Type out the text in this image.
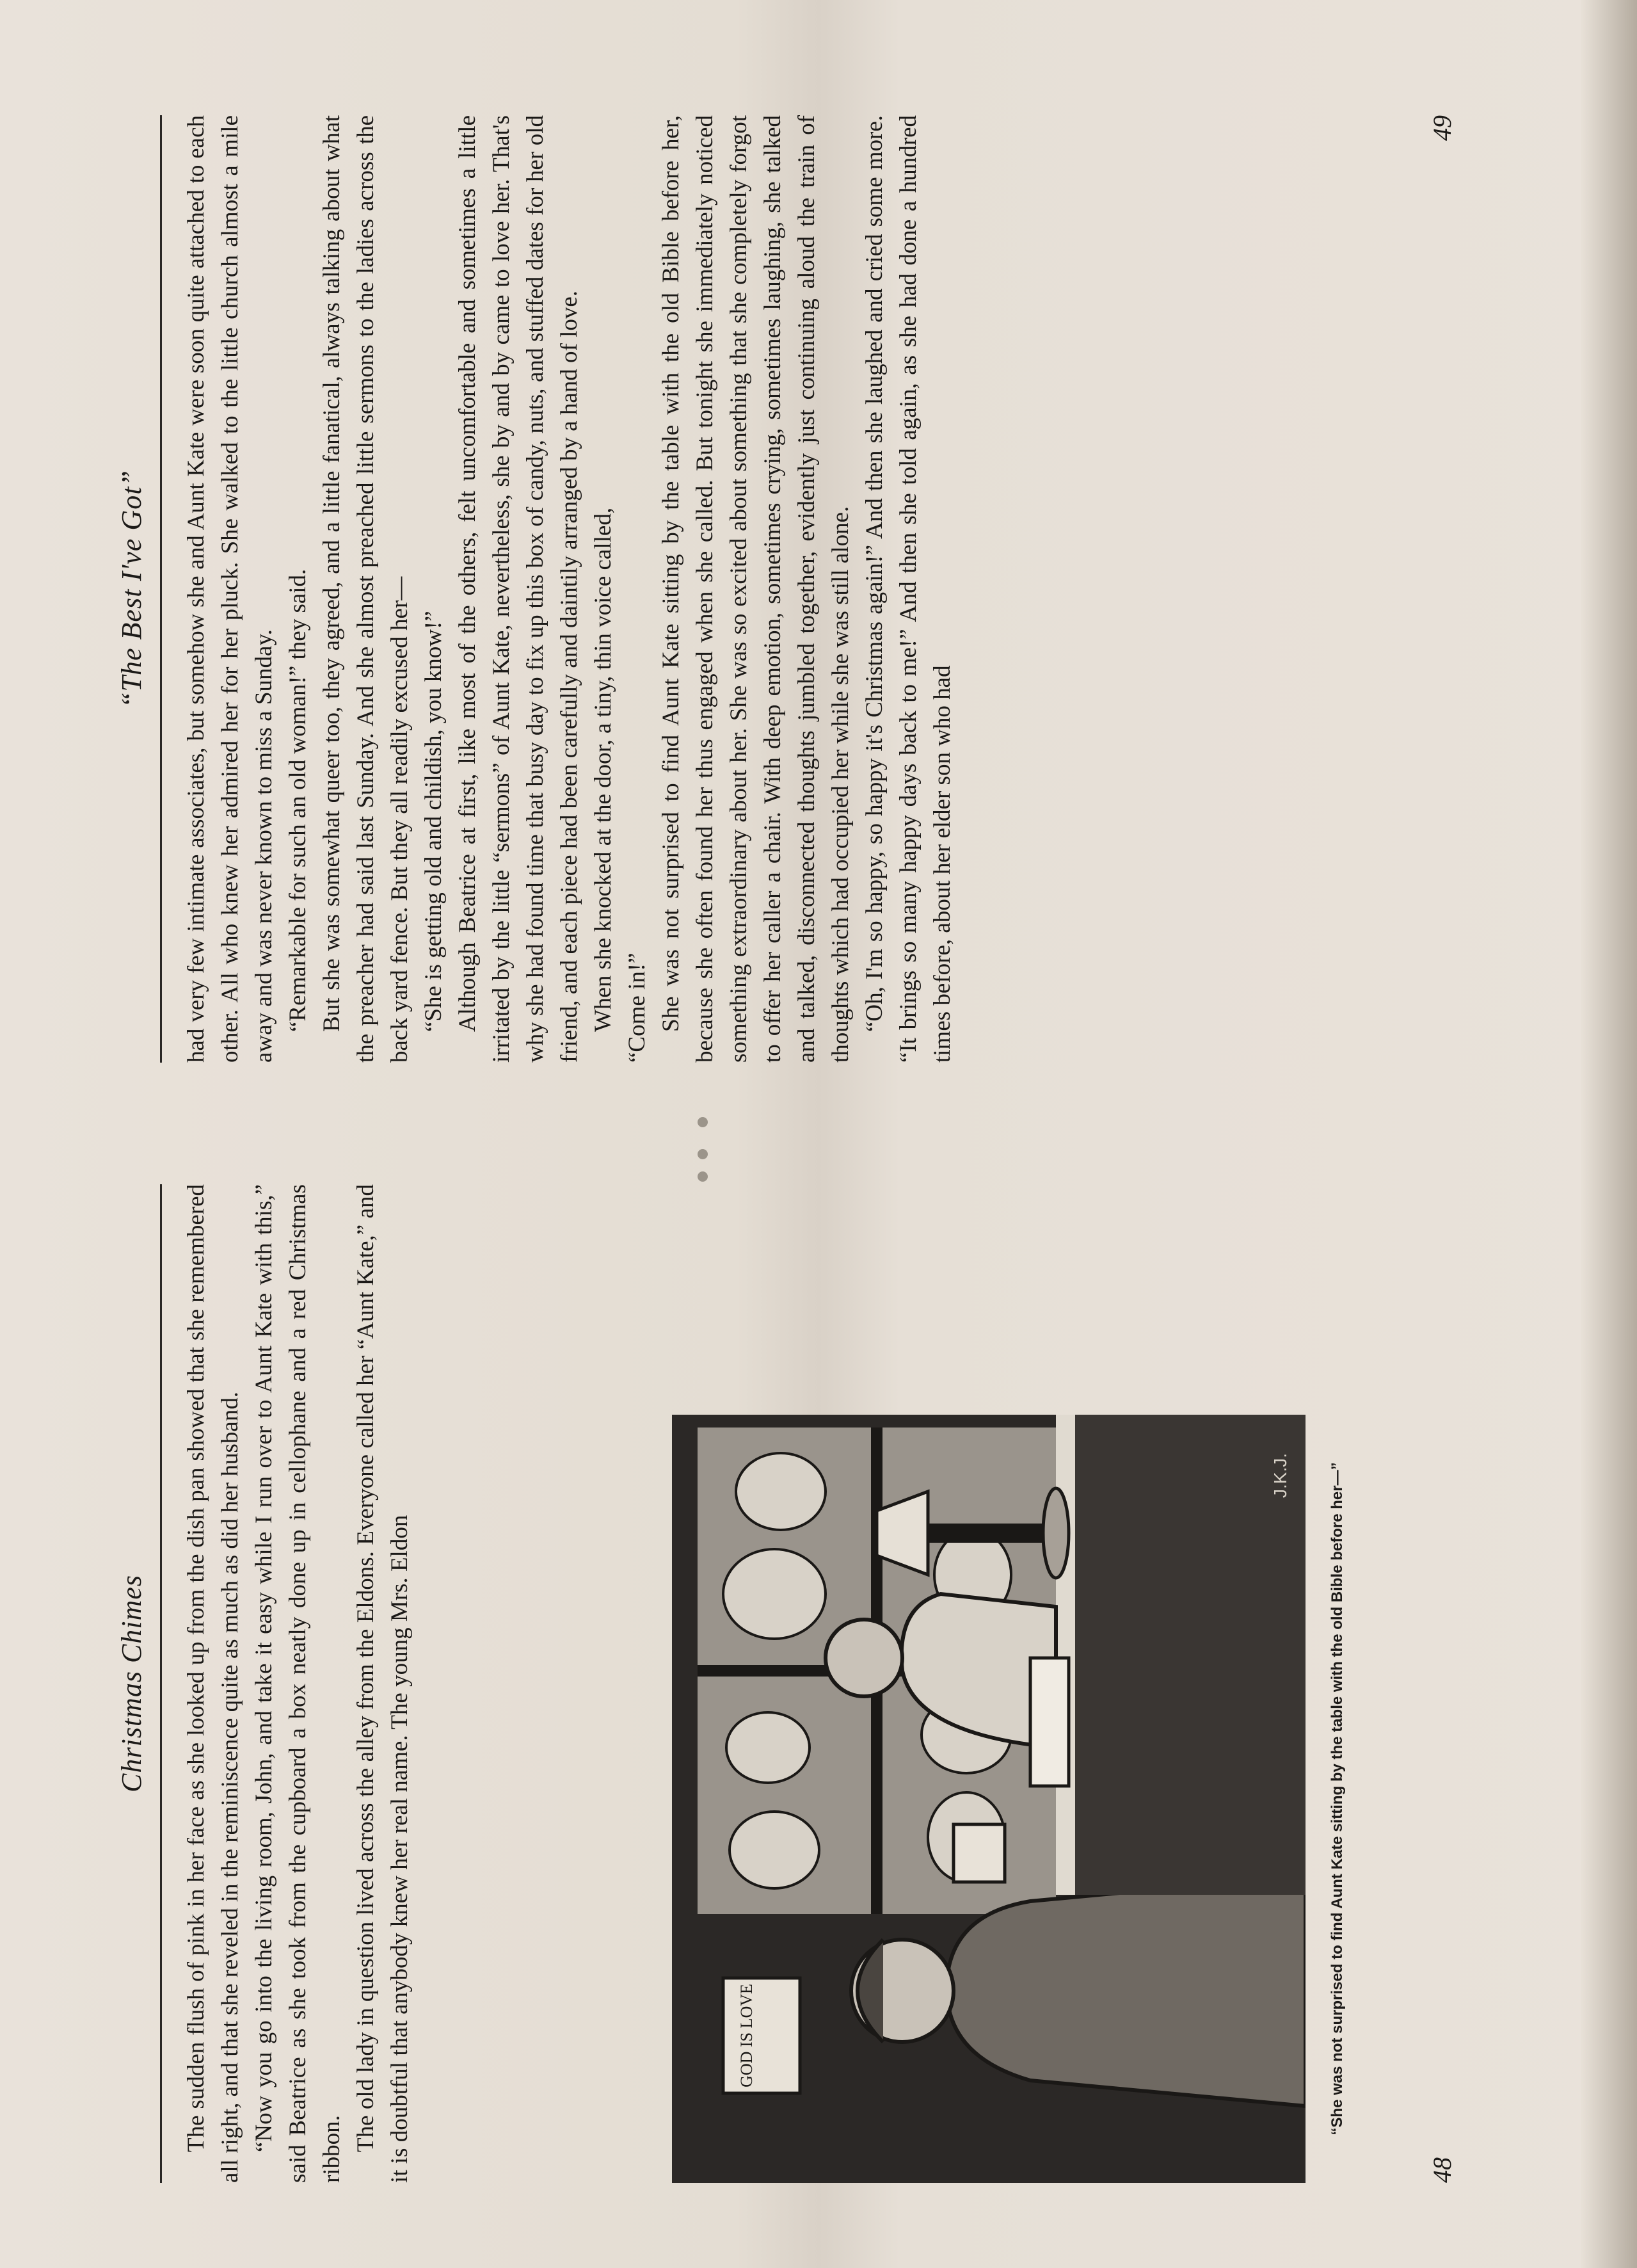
Christmas Chimes The sudden flush of pink in her face as she looked up from the dish pan showed that she remembered all right, and that she reveled in the reminiscence quite as much as did her husband. “Now you go into the living room, John, and take it easy while I run over to Aunt Kate with this,” said Beatrice as she took from the cupboard a box neatly done up in cellophane and a red Christmas ribbon. The old lady in question lived across the alley from the Eldons. Everyone called her “Aunt Kate,” and it is doubtful that anybody knew her real name. The young Mrs. Eldon	GOD IS LOVE
J.K.J.	“She was not surprised to find Aunt Kate sitting by the table with the old Bible before her—”
48
“The Best I've Got” had very few intimate associates, but somehow she and Aunt Kate were soon quite attached to each other. All who knew her admired her for her pluck. She walked to the little church almost a mile away and was never known to miss a Sunday. “Remarkable for such an old woman!” they said. But she was somewhat queer too, they agreed, and a little fanatical, always talking about what the preacher had said last Sunday. And she almost preached little sermons to the ladies across the back yard fence. But they all readily excused her— “She is getting old and childish, you know!” Although Beatrice at first, like most of the others, felt uncomfortable and sometimes a little irritated by the little “sermons” of Aunt Kate, nevertheless, she by and by came to love her. That's why she had found time that busy day to fix up this box of candy, nuts, and stuffed dates for her old friend, and each piece had been carefully and daintily arranged by a hand of love. When she knocked at the door, a tiny, thin voice called, “Come in!” She was not surprised to find Aunt Kate sitting by the table with the old Bible before her, because she often found her thus engaged when she called. But tonight she immediately noticed something extraordinary about her. She was so excited about something that she completely forgot to offer her caller a chair. With deep emotion, sometimes crying, sometimes laughing, she talked and talked, disconnected thoughts jumbled together, evidently just continuing aloud the train of thoughts which had occupied her while she was still alone. “Oh, I'm so happy, so happy it's Christmas again!” And then she laughed and cried some more. “It brings so many happy days back to me!” And then she told again, as she had done a hundred times before, about her elder son who had

49
